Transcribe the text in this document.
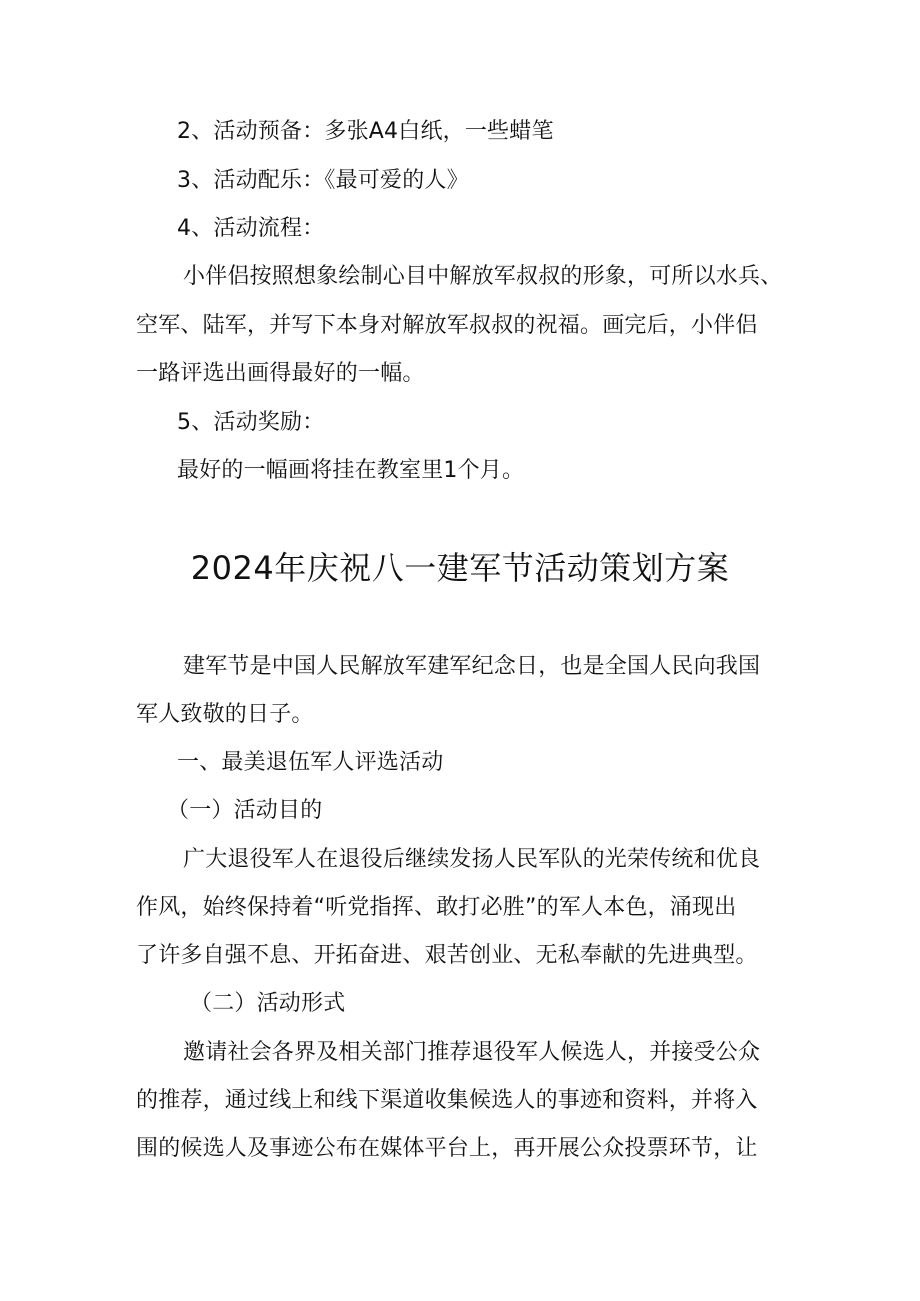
2、活动预备：多张A4白纸，一些蜡笔
3、活动配乐：《最可爱的人》
4、活动流程：
小伴侣按照想象绘制心目中解放军叔叔的形象，可所以水兵、
空军、陆军，并写下本身对解放军叔叔的祝福。画完后，小伴侣
一路评选出画得最好的一幅。
5、活动奖励：
最好的一幅画将挂在教室里1个月。
2024年庆祝八一建军节活动策划方案
建军节是中国人民解放军建军纪念日，也是全国人民向我国
军人致敬的日子。
一、最美退伍军人评选活动
（一）活动目的
广大退役军人在退役后继续发扬人民军队的光荣传统和优良
作风，始终保持着“听党指挥、敢打必胜”的军人本色，涌现出
了许多自强不息、开拓奋进、艰苦创业、无私奉献的先进典型。
（二）活动形式
邀请社会各界及相关部门推荐退役军人候选人，并接受公众
的推荐，通过线上和线下渠道收集候选人的事迹和资料，并将入
围的候选人及事迹公布在媒体平台上，再开展公众投票环节，让
